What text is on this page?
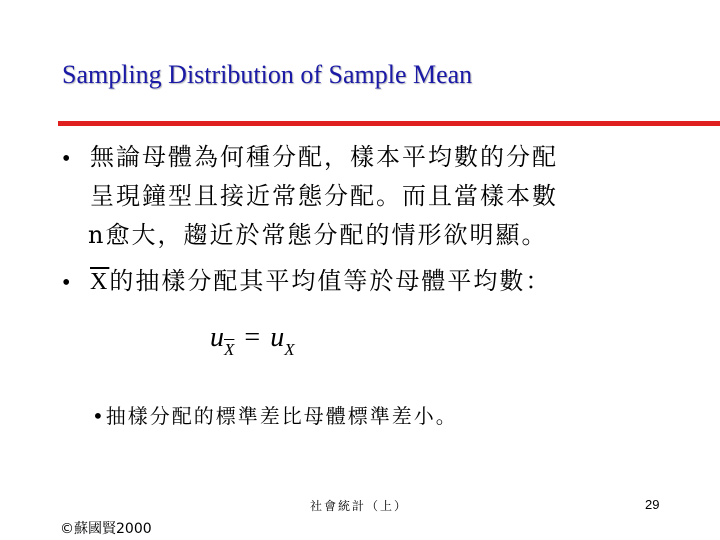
Sampling Distribution of Sample Mean
• 無論母體為何種分配，樣本平均數的分配
呈現鐘型且接近常態分配。而且當樣本數
n愈大，趨近於常態分配的情形欲明顯。
• $\overline{X}$的抽樣分配其平均值等於母體平均數：
$u_{\overline{X}} = u_X$
•抽樣分配的標準差比母體標準差小。
社會統計（上）	29
©蘇國賢2000
